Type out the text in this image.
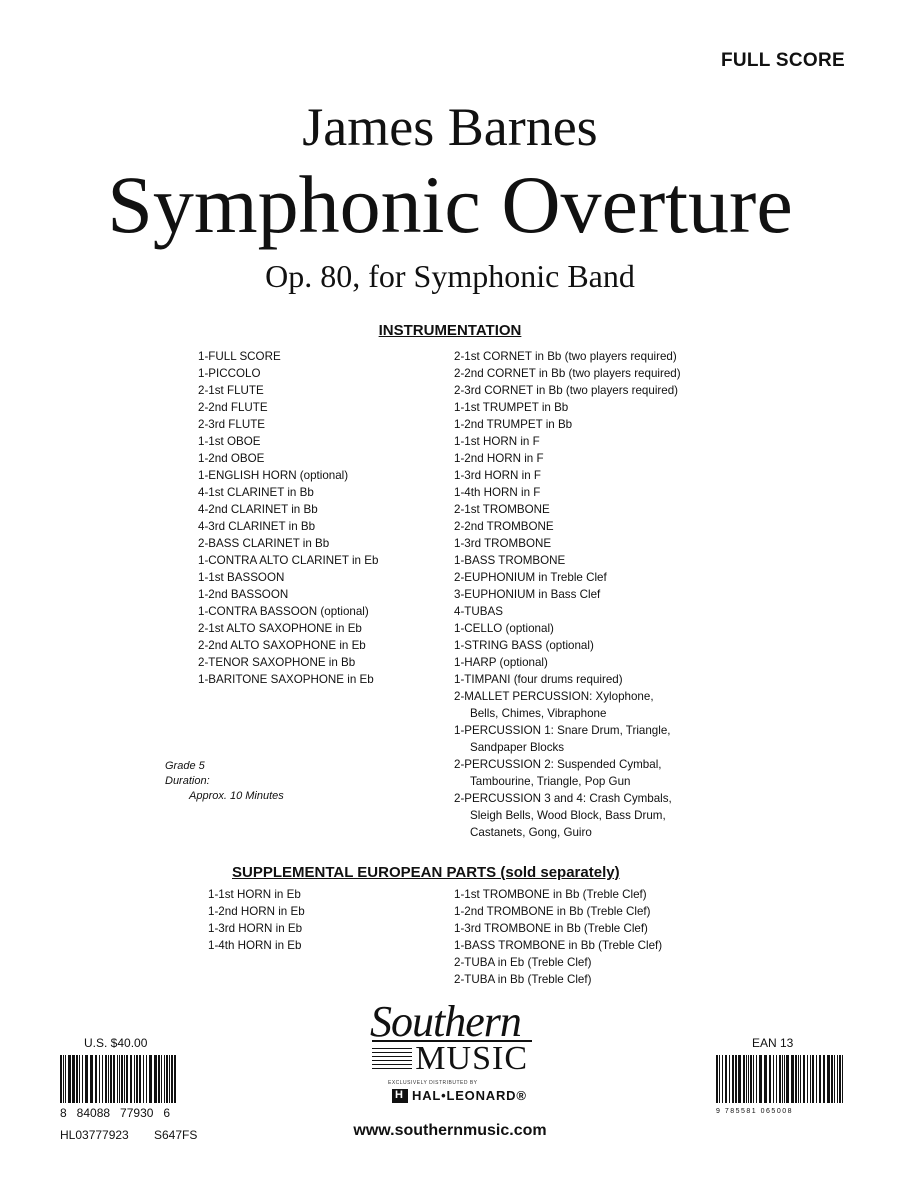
FULL SCORE
James Barnes
Symphonic Overture
Op. 80, for Symphonic Band
INSTRUMENTATION
1-FULL SCORE
1-PICCOLO
2-1st FLUTE
2-2nd FLUTE
2-3rd FLUTE
1-1st OBOE
1-2nd OBOE
1-ENGLISH HORN (optional)
4-1st CLARINET in Bb
4-2nd CLARINET in Bb
4-3rd CLARINET in Bb
2-BASS CLARINET in Bb
1-CONTRA ALTO CLARINET in Eb
1-1st BASSOON
1-2nd BASSOON
1-CONTRA BASSOON (optional)
2-1st ALTO SAXOPHONE in Eb
2-2nd ALTO SAXOPHONE in Eb
2-TENOR SAXOPHONE in Bb
1-BARITONE SAXOPHONE in Eb
2-1st CORNET in Bb (two players required)
2-2nd CORNET in Bb (two players required)
2-3rd CORNET in Bb (two players required)
1-1st TRUMPET in Bb
1-2nd TRUMPET in Bb
1-1st HORN in F
1-2nd HORN in F
1-3rd HORN in F
1-4th HORN in F
2-1st TROMBONE
2-2nd TROMBONE
1-3rd TROMBONE
1-BASS TROMBONE
2-EUPHONIUM in Treble Clef
3-EUPHONIUM in Bass Clef
4-TUBAS
1-CELLO (optional)
1-STRING BASS (optional)
1-HARP (optional)
1-TIMPANI (four drums required)
2-MALLET PERCUSSION: Xylophone,
Bells, Chimes, Vibraphone
1-PERCUSSION 1: Snare Drum, Triangle,
Sandpaper Blocks
2-PERCUSSION 2: Suspended Cymbal,
Tambourine, Triangle, Pop Gun
2-PERCUSSION 3 and 4: Crash Cymbals,
Sleigh Bells, Wood Block, Bass Drum,
Castanets, Gong, Guiro
Grade 5
Duration:
Approx. 10 Minutes
SUPPLEMENTAL EUROPEAN PARTS (sold separately)
1-1st HORN in Eb
1-2nd HORN in Eb
1-3rd HORN in Eb
1-4th HORN in Eb
1-1st TROMBONE in Bb (Treble Clef)
1-2nd TROMBONE in Bb (Treble Clef)
1-3rd TROMBONE in Bb (Treble Clef)
1-BASS TROMBONE in Bb (Treble Clef)
2-TUBA in Eb (Treble Clef)
2-TUBA in Bb (Treble Clef)
U.S. $40.00	EAN 13
8   84088   77930   6	9 785581 065008
HL03777923 S647FS
Southern
MUSIC
EXCLUSIVELY DISTRIBUTED BY
H
HAL•LEONARD®
www.southernmusic.com
